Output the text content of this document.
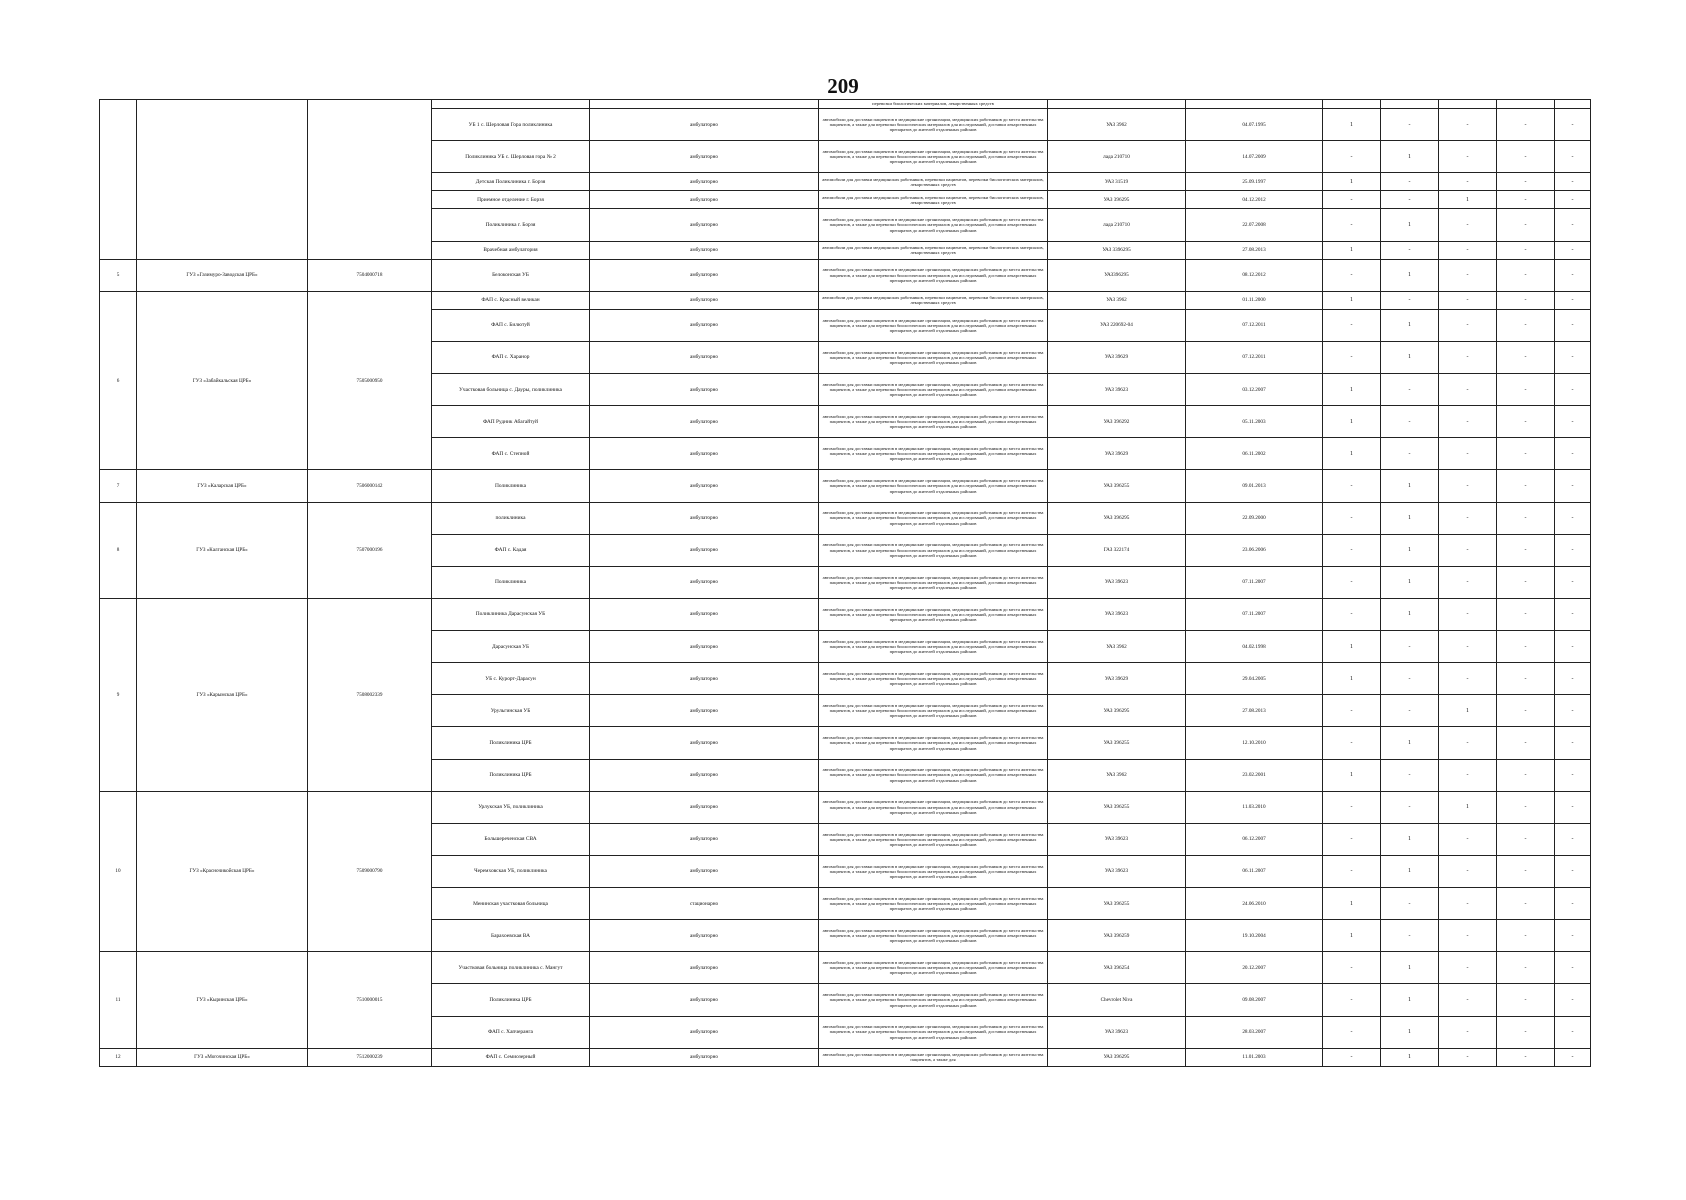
209
					перевозки биологических материалов, лекарственных средств							
			УБ 1 с. Шерловая Гора поликлиника	амбулаторно	автомобили для доставки пациентов в медицинские организации, медицинских работников до места жительства пациентов, а также для перевозки биологических материалов для исследований, доставки лекарственных препаратов до жителей отдаленных районов	УАЗ 3962	04.07.1995	1	-	-	-	-
			Поликлиника УБ с. Шерловая гора № 2	амбулаторно	автомобили для доставки пациентов в медицинские организации, медицинских работников до места жительства пациентов, а также для перевозки биологических материалов для исследований, доставки лекарственных препаратов до жителей отдаленных районов	лада 210710	14.07.2009	-	1	-	-	-
			Детская Поликлиника г. Борзя	амбулаторно	автомобили для доставки медицинских работников, перевозки пациентов, перевозки биологических материалов, лекарственных средств	УАЗ 31519	25.09.1997	1	-	-	-	-
			Приемное отделение г. Борзя	амбулаторно	автомобили для доставки медицинских работников, перевозки пациентов, перевозки биологических материалов, лекарственных средств	УАЗ 396295	04.12.2012	-	-	1	-	-
			Поликлиника г. Борзя	амбулаторно	автомобили для доставки пациентов в медицинские организации, медицинских работников до места жительства пациентов, а также для перевозки биологических материалов для исследований, доставки лекарственных препаратов до жителей отдаленных районов	лада 210710	22.07.2008	-	1	-	-	-
			Врачебная амбулатория	амбулаторно	автомобили для доставки медицинских работников, перевозки пациентов, перевозки биологических материалов, лекарственных средств	УАЗ 3396295	27.08.2013	1	-	-	-	-
5	ГУЗ «Газимуро-Заводская ЦРБ»	7504000718	Белоконская УБ	амбулаторно	автомобили для доставки пациентов в медицинские организации, медицинских работников до места жительства пациентов, а также для перевозки биологических материалов для исследований, доставки лекарственных препаратов до жителей отдаленных районов	УАЗ396295	08.12.2012	-	1	-	-	-
6	ГУЗ «Забайкальская ЦРБ»	7505000950	ФАП с. Красный великан	амбулаторно	автомобили для доставки медицинских работников, перевозки пациентов, перевозки биологических материалов, лекарственных средств	УАЗ 3962	01.11.2000	1	-	-	-	-
			ФАП с. Билютуй	амбулаторно	автомобили для доставки пациентов в медицинские организации, медицинских работников до места жительства пациентов, а также для перевозки биологических материалов для исследований, доставки лекарственных препаратов до жителей отдаленных районов	УАЗ 220692-04	07.12.2011	-	1	-	-	-
			ФАП с. Харанор	амбулаторно	автомобили для доставки пациентов в медицинские организации, медицинских работников до места жительства пациентов, а также для перевозки биологических материалов для исследований, доставки лекарственных препаратов до жителей отдаленных районов	УАЗ 39629	07.12.2011	-	1	-	-	-
			Участковая больница с. Дауры, поликлиника	амбулаторно	автомобили для доставки пациентов в медицинские организации, медицинских работников до места жительства пациентов, а также для перевозки биологических материалов для исследований, доставки лекарственных препаратов до жителей отдаленных районов	УАЗ 39623	03.12.2007	1	-	-	-	-
			ФАП Рудник Абагайтуй	амбулаторно	автомобили для доставки пациентов в медицинские организации, медицинских работников до места жительства пациентов, а также для перевозки биологических материалов для исследований, доставки лекарственных препаратов до жителей отдаленных районов	УАЗ 396292	05.11.2003	1	-	-	-	-
			ФАП с. Степной	амбулаторно	автомобили для доставки пациентов в медицинские организации, медицинских работников до места жительства пациентов, а также для перевозки биологических материалов для исследований, доставки лекарственных препаратов до жителей отдаленных районов	УАЗ 39629	06.11.2002	1	-	-	-	-
7	ГУЗ «Каларская ЦРБ»	7506000142	Поликлиника	амбулаторно	автомобили для доставки пациентов в медицинские организации, медицинских работников до места жительства пациентов, а также для перевозки биологических материалов для исследований, доставки лекарственных препаратов до жителей отдаленных районов	УАЗ 396255	09.01.2013	-	1	-	-	-
8	ГУЗ «Калганская ЦРБ»	7507000196	поликлиника	амбулаторно	автомобили для доставки пациентов в медицинские организации, медицинских работников до места жительства пациентов, а также для перевозки биологических материалов для исследований, доставки лекарственных препаратов до жителей отдаленных районов	УАЗ 396295	22.09.2000	-	1	-	-	-
			ФАП с. Кадая	амбулаторно	автомобили для доставки пациентов в медицинские организации, медицинских работников до места жительства пациентов, а также для перевозки биологических материалов для исследований, доставки лекарственных препаратов до жителей отдаленных районов	ГАЗ 322174	23.06.2006	-	1	-	-	-
			Поликлиника	амбулаторно	автомобили для доставки пациентов в медицинские организации, медицинских работников до места жительства пациентов, а также для перевозки биологических материалов для исследований, доставки лекарственных препаратов до жителей отдаленных районов	УАЗ 39623	07.11.2007	-	1	-	-	-
9	ГУЗ «Карымская ЦРБ»	7508002339	Поликлиника Дарасунская УБ	амбулаторно	автомобили для доставки пациентов в медицинские организации, медицинских работников до места жительства пациентов, а также для перевозки биологических материалов для исследований, доставки лекарственных препаратов до жителей отдаленных районов	УАЗ 39623	07.11.2007	-	1	-	-	-
			Дарасунская УБ	амбулаторно	автомобили для доставки пациентов в медицинские организации, медицинских работников до места жительства пациентов, а также для перевозки биологических материалов для исследований, доставки лекарственных препаратов до жителей отдаленных районов	УАЗ 3962	04.02.1998	1	-	-	-	-
			УБ с. Курорт-Дарасун	амбулаторно	автомобили для доставки пациентов в медицинские организации, медицинских работников до места жительства пациентов, а также для перевозки биологических материалов для исследований, доставки лекарственных препаратов до жителей отдаленных районов	УАЗ 39629	29.04.2005	1	-	-	-	-
			Урульгинская УБ	амбулаторно	автомобили для доставки пациентов в медицинские организации, медицинских работников до места жительства пациентов, а также для перевозки биологических материалов для исследований, доставки лекарственных препаратов до жителей отдаленных районов	УАЗ 396295	27.08.2013	-	-	1	-	-
			Поликлиника ЦРБ	амбулаторно	автомобили для доставки пациентов в медицинские организации, медицинских работников до места жительства пациентов, а также для перевозки биологических материалов для исследований, доставки лекарственных препаратов до жителей отдаленных районов	УАЗ 396255	12.10.2010	-	1	-	-	-
			Поликлиника ЦРБ	амбулаторно	автомобили для доставки пациентов в медицинские организации, медицинских работников до места жительства пациентов, а также для перевозки биологических материалов для исследований, доставки лекарственных препаратов до жителей отдаленных районов	УАЗ 3962	23.02.2001	1	-	-	-	-
10	ГУЗ «Красночикойская ЦРБ»	7509000790	Урлукская УБ, поликлиника	амбулаторно	автомобили для доставки пациентов в медицинские организации, медицинских работников до места жительства пациентов, а также для перевозки биологических материалов для исследований, доставки лекарственных препаратов до жителей отдаленных районов	УАЗ 396255	11.03.2010	-	-	1	-	-
			Большереченская СВА	амбулаторно	автомобили для доставки пациентов в медицинские организации, медицинских работников до места жительства пациентов, а также для перевозки биологических материалов для исследований, доставки лекарственных препаратов до жителей отдаленных районов	УАЗ 39623	06.12.2007	-	1	-	-	-
			Черемховская УБ, поликлиника	амбулаторно	автомобили для доставки пациентов в медицинские организации, медицинских работников до места жительства пациентов, а также для перевозки биологических материалов для исследований, доставки лекарственных препаратов до жителей отдаленных районов	УАЗ 39623	06.11.2007	-	1	-	-	-
			Менинская участковая больница	стационарно	автомобили для доставки пациентов в медицинские организации, медицинских работников до места жительства пациентов, а также для перевозки биологических материалов для исследований, доставки лекарственных препаратов до жителей отдаленных районов	УАЗ 396255	24.06.2010	1	-	-	-	-
			Барахоевская ВА	амбулаторно	автомобили для доставки пациентов в медицинские организации, медицинских работников до места жительства пациентов, а также для перевозки биологических материалов для исследований, доставки лекарственных препаратов до жителей отдаленных районов	УАЗ 396259	19.10.2004	1	-	-	-	-
11	ГУЗ «Кыринская ЦРБ»	7510000015	Участковая больница поликлиника с. Мангут	амбулаторно	автомобили для доставки пациентов в медицинские организации, медицинских работников до места жительства пациентов, а также для перевозки биологических материалов для исследований, доставки лекарственных препаратов до жителей отдаленных районов	УАЗ 396254	20.12.2007	-	1	-	-	-
			Поликлиника ЦРБ	амбулаторно	автомобили для доставки пациентов в медицинские организации, медицинских работников до места жительства пациентов, а также для перевозки биологических материалов для исследований, доставки лекарственных препаратов до жителей отдаленных районов	Chevrolet Niva	09.08.2007	-	1	-	-	-
			ФАП с. Хапчеранга	амбулаторно	автомобили для доставки пациентов в медицинские организации, медицинских работников до места жительства пациентов, а также для перевозки биологических материалов для исследований, доставки лекарственных препаратов до жителей отдаленных районов	УАЗ 39623	28.03.2007	-	1	-	-	-
12	ГУЗ «Могочинская ЦРБ»	7512000239	ФАП с. Семиозерный	амбулаторно	автомобили для доставки пациентов в медицинские организации, медицинских работников до места жительства пациентов, а также для	УАЗ 396295	11.01.2003	-	1	-	-	-
